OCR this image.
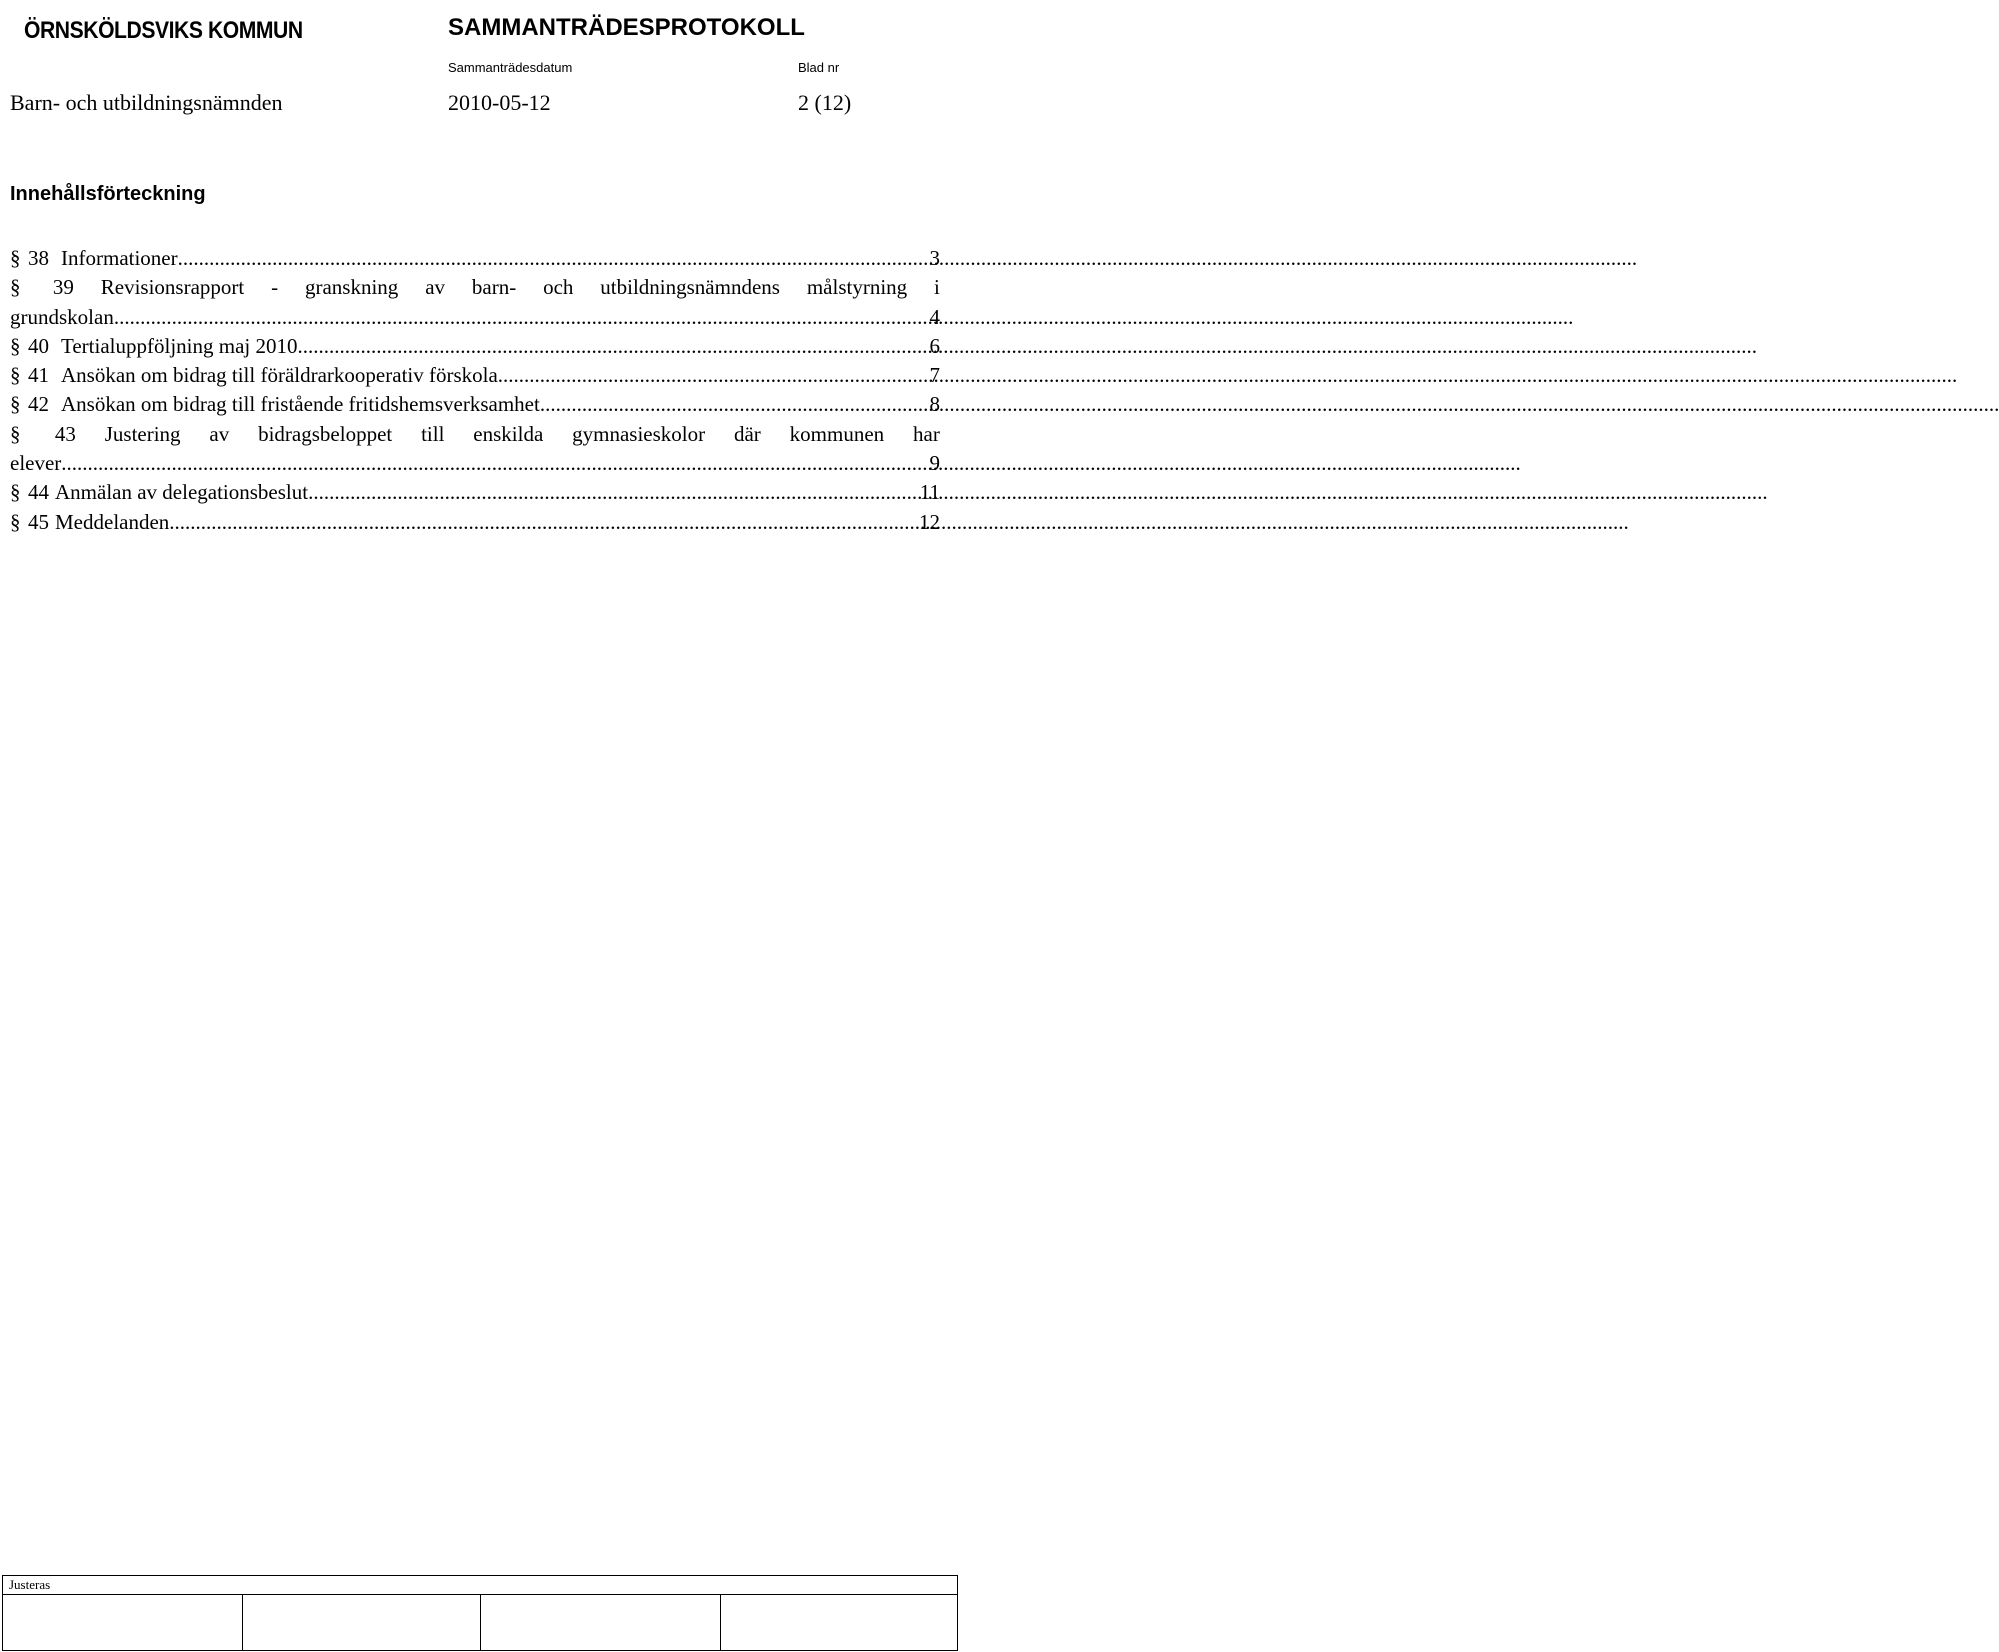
ÖRNSKÖLDSVIKS KOMMUN	SAMMANTRÄDESPROTOKOLL
Sammanträdesdatum	Blad nr
Barn- och utbildningsnämnden	2010-05-12	2 (12)
Innehållsförteckning
§ 38 Informationer .....	3
§ 39 Revisionsrapport - granskning av barn- och utbildningsnämndens målstyrning i
grundskolan .....	4
§ 40 Tertialuppföljning maj 2010 .....	6
§ 41 Ansökan om bidrag till föräldrarkooperativ förskola .....	7
§ 42 Ansökan om bidrag till fristående fritidshemsverksamhet .....	8
§ 43 Justering av bidragsbeloppet till enskilda gymnasieskolor där kommunen har
elever .....	9
§ 44 Anmälan av delegationsbeslut .....	11
§ 45 Meddelanden .....	12
Justeras
